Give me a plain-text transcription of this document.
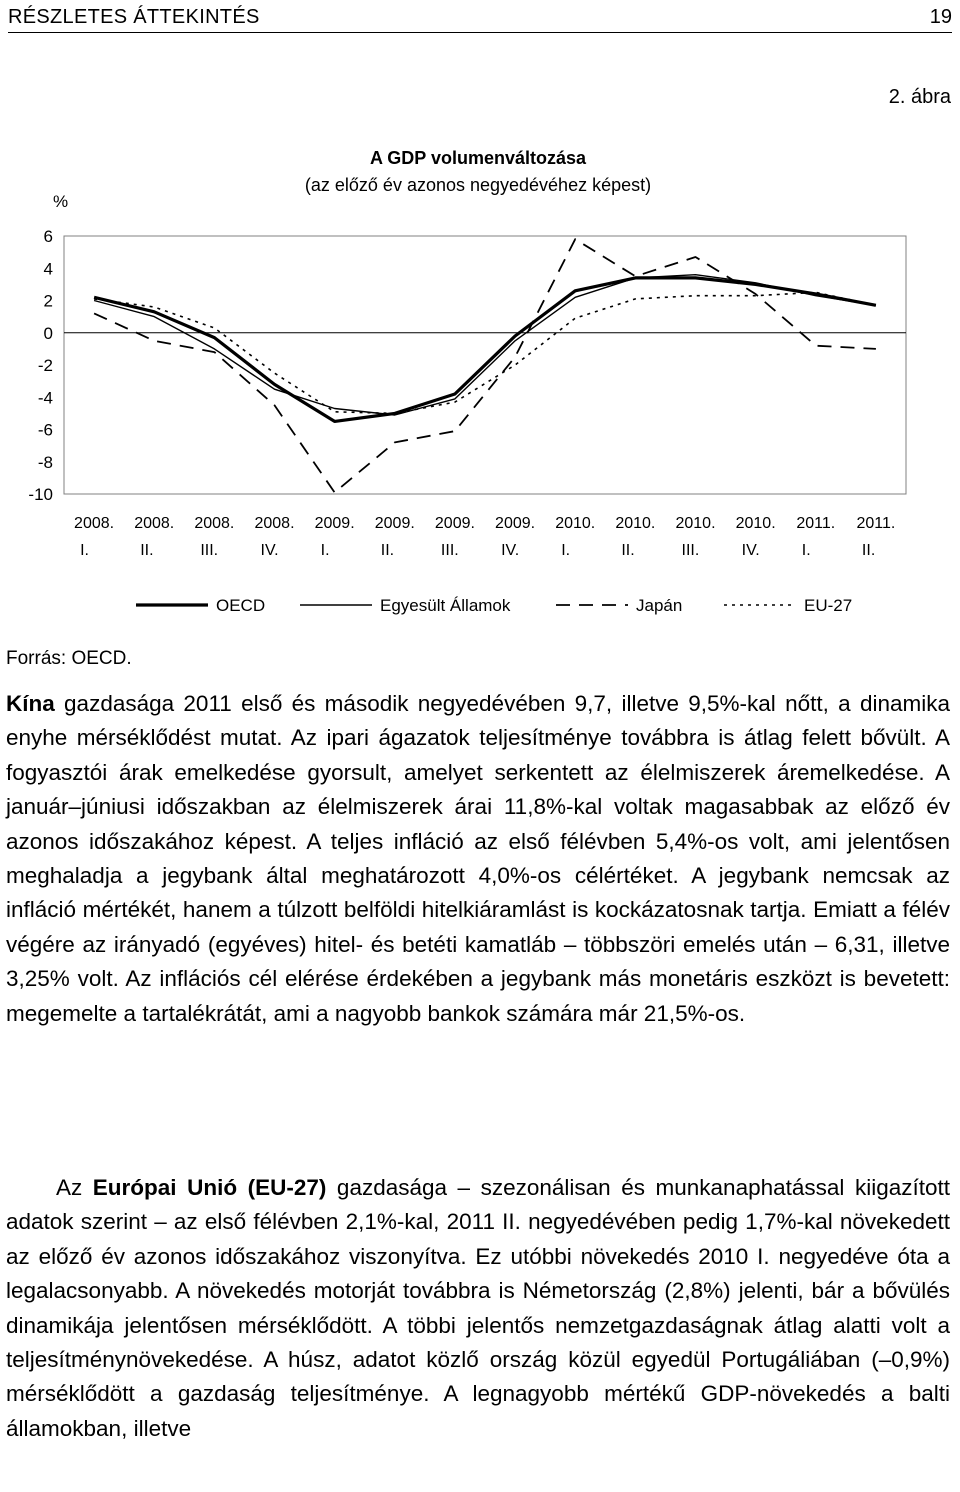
RÉSZLETES ÁTTEKINTÉS	19
2. ábra
A GDP volumenváltozása
(az előző év azonos negyedévéhez képest)
%
6
4
2
0
-2
-4
-6
-8
-10
2008.
I.
2008.
II.
2008.
III.
2008.
IV.
2009.
I.
2009.
II.
2009.
III.
2009.
IV.
2010.
I.
2010.
II.
2010.
III.
2010.
IV.
2011.
I.
2011.
II.
OECD	Egyesült Államok	Japán	EU-27
Forrás: OECD.

Kína gazdasága 2011 első és második negyedévében 9,7, illetve 9,5%-kal nőtt, a dinamika enyhe mérséklődést mutat. Az ipari ágazatok teljesítménye továbbra is átlag felett bővült. A fogyasztói árak emelkedése gyorsult, amelyet serkentett az élelmiszerek áremelkedése. A január–júniusi időszakban az élelmiszerek árai 11,8%-kal voltak magasabbak az előző év azonos időszakához képest. A teljes infláció az első félévben 5,4%-os volt, ami jelentősen meghaladja a jegybank által meghatározott 4,0%-os célértéket. A jegybank nemcsak az infláció mértékét, hanem a túlzott belföldi hitelkiáramlást is kockázatosnak tartja. Emiatt a félév végére az irányadó (egyéves) hitel- és betéti kamatláb – többszöri emelés után – 6,31, illetve 3,25% volt. Az inflációs cél elérése érdekében a jegybank más monetáris eszközt is bevetett: megemelte a tartalékrátát, ami a nagyobb bankok számára már 21,5%-os.

Az Európai Unió (EU-27) gazdasága – szezonálisan és munkanaphatással kiigazított adatok szerint – az első félévben 2,1%-kal, 2011 II. negyedévében pedig 1,7%-kal növekedett az előző év azonos időszakához viszonyítva. Ez utóbbi növekedés 2010 I. negyedéve óta a legalacsonyabb. A növekedés motorját továbbra is Németország (2,8%) jelenti, bár a bővülés dinamikája jelentősen mérséklődött. A többi jelentős nemzetgazdaságnak átlag alatti volt a teljesítménynövekedése. A húsz, adatot közlő ország közül egyedül Portugáliában (–0,9%) mérséklődött a gazdaság teljesítménye. A legnagyobb mértékű GDP-növekedés a balti államokban, illetve
